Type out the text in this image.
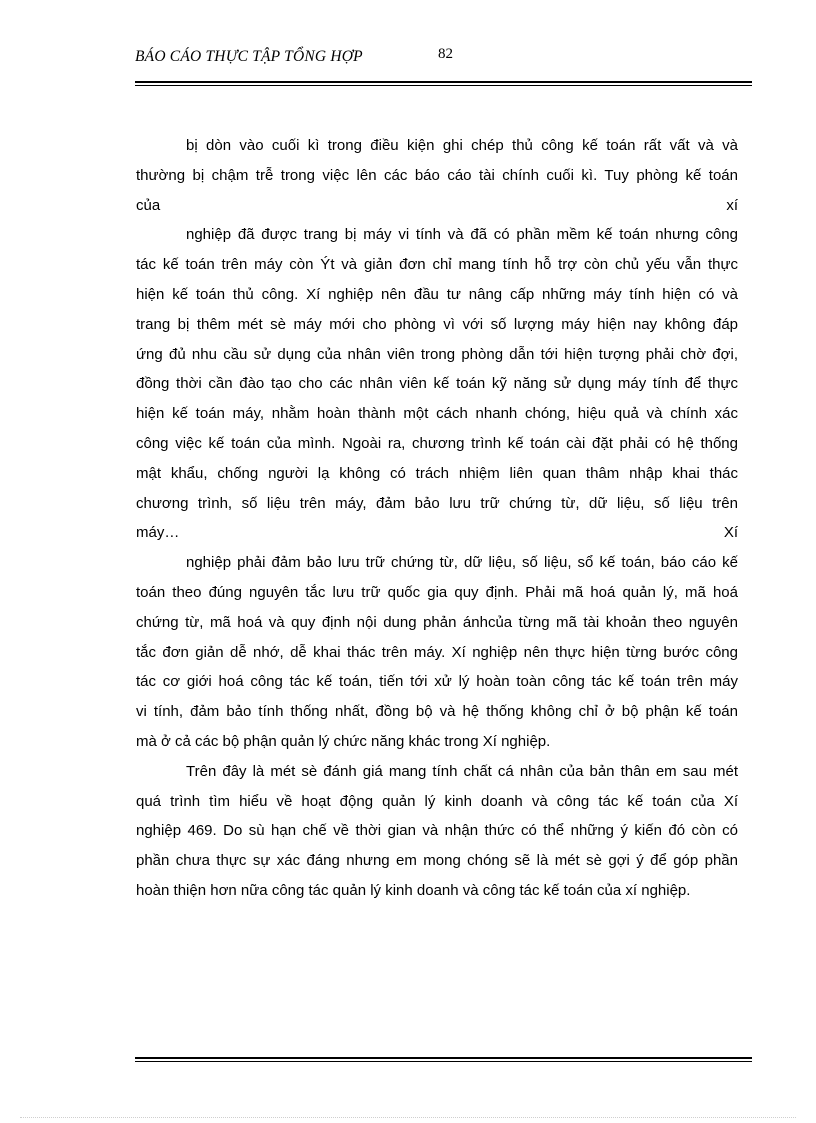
BÁO CÁO THỰC TẬP TỔNG HỢP	82
bị dòn vào cuối kì trong điều kiện ghi chép thủ công kế toán rất vất và và
thường bị chậm trễ trong việc lên các báo cáo tài chính cuối kì. Tuy phòng kế toán
của xí
nghiệp đã được trang bị máy vi tính và đã có phần mềm kế toán nhưng công
tác kế toán trên máy còn Ýt và giản đơn chỉ mang tính hỗ trợ còn chủ yếu vẫn thực
hiện kế toán thủ công. Xí nghiệp nên đầu tư nâng cấp những máy tính hiện có và
trang bị thêm mét sè máy mới cho phòng vì với số lượng máy hiện nay không đáp
ứng đủ nhu cầu sử dụng của nhân viên trong phòng dẫn tới hiện tượng phải chờ đợi,
đồng thời cần đào tạo cho các nhân viên kế toán kỹ năng sử dụng máy tính để thực
hiện kế toán máy, nhằm hoàn thành một cách nhanh chóng, hiệu quả và chính xác
công việc kế toán của mình. Ngoài ra, chương trình kế toán cài đặt phải có hệ thống
mật khẩu, chống người lạ không có trách nhiệm liên quan thâm nhập khai thác
chương trình, số liệu trên máy, đảm bảo lưu trữ chứng từ, dữ liệu, số liệu trên
máy… Xí
nghiệp phải đảm bảo lưu trữ chứng từ, dữ liệu, số liệu, sổ kế toán, báo cáo kế
toán theo đúng nguyên tắc lưu trữ quốc gia quy định. Phải mã hoá quản lý, mã hoá
chứng từ, mã hoá và quy định nội dung phản ánhcủa từng mã tài khoản theo nguyên
tắc đơn giản dễ nhớ, dễ khai thác trên máy. Xí nghiệp nên thực hiện từng bước công
tác cơ giới hoá công tác kế toán, tiến tới xử lý hoàn toàn công tác kế toán trên máy
vi tính, đảm bảo tính thống nhất, đồng bộ và hệ thống không chỉ ở bộ phận kế toán
mà ở cả các bộ phận quản lý chức năng khác trong Xí nghiệp.
Trên đây là mét sè đánh giá mang tính chất cá nhân của bản thân em sau mét
quá trình tìm hiểu về hoạt động quản lý kinh doanh và công tác kế toán của Xí
nghiệp 469. Do sù hạn chế về thời gian và nhận thức có thể những ý kiến đó còn có
phần chưa thực sự xác đáng nhưng em mong chóng sẽ là mét sè gợi ý để góp phần
hoàn thiện hơn nữa công tác quản lý kinh doanh và công tác kế toán của xí nghiệp.
